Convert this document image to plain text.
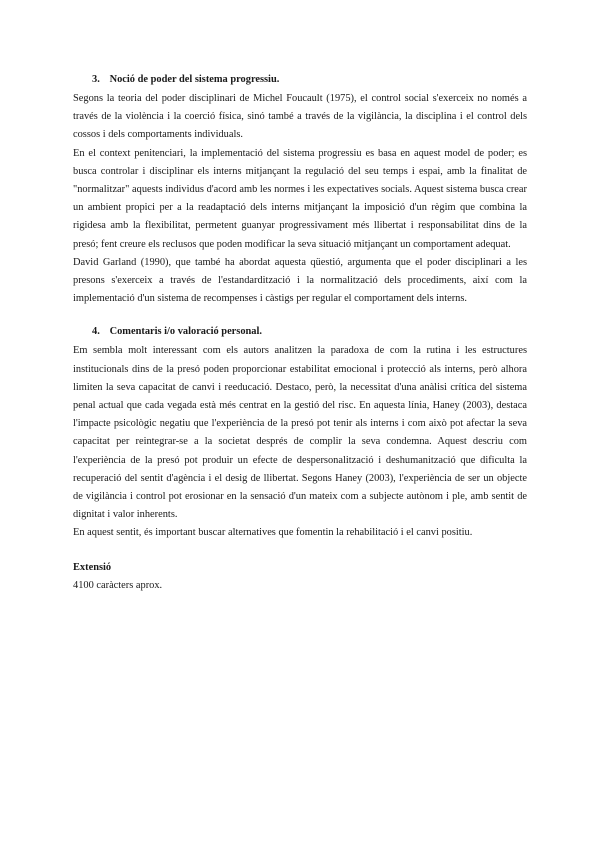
3. Noció de poder del sistema progressiu.

Segons la teoria del poder disciplinari de Michel Foucault (1975), el control social s'exerceix no només a través de la violència i la coerció física, sinó també a través de la vigilància, la disciplina i el control dels cossos i dels comportaments individuals.

En el context penitenciari, la implementació del sistema progressiu es basa en aquest model de poder; es busca controlar i disciplinar els interns mitjançant la regulació del seu temps i espai, amb la finalitat de "normalitzar" aquests individus d'acord amb les normes i les expectatives socials. Aquest sistema busca crear un ambient propici per a la readaptació dels interns mitjançant la imposició d'un règim que combina la rigidesa amb la flexibilitat, permetent guanyar progressivament més llibertat i responsabilitat dins de la presó; fent creure els reclusos que poden modificar la seva situació mitjançant un comportament adequat.

David Garland (1990), que també ha abordat aquesta qüestió, argumenta que el poder disciplinari a les presons s'exerceix a través de l'estandardització i la normalització dels procediments, així com la implementació d'un sistema de recompenses i càstigs per regular el comportament dels interns.

4. Comentaris i/o valoració personal.

Em sembla molt interessant com els autors analitzen la paradoxa de com la rutina i les estructures institucionals dins de la presó poden proporcionar estabilitat emocional i protecció als interns, però alhora limiten la seva capacitat de canvi i reeducació. Destaco, però, la necessitat d'una anàlisi crítica del sistema penal actual que cada vegada està més centrat en la gestió del risc. En aquesta línia, Haney (2003), destaca l'impacte psicològic negatiu que l'experiència de la presó pot tenir als interns i com això pot afectar la seva capacitat per reintegrar-se a la societat després de complir la seva condemna. Aquest descriu com l'experiència de la presó pot produir un efecte de despersonalització i deshumanització que dificulta la recuperació del sentit d'agència i el desig de llibertat. Segons Haney (2003), l'experiència de ser un objecte de vigilància i control pot erosionar en la sensació d'un mateix com a subjecte autònom i ple, amb sentit de dignitat i valor inherents.

En aquest sentit, és important buscar alternatives que fomentin la rehabilitació i el canvi positiu.

Extensió

4100 caràcters aprox.
